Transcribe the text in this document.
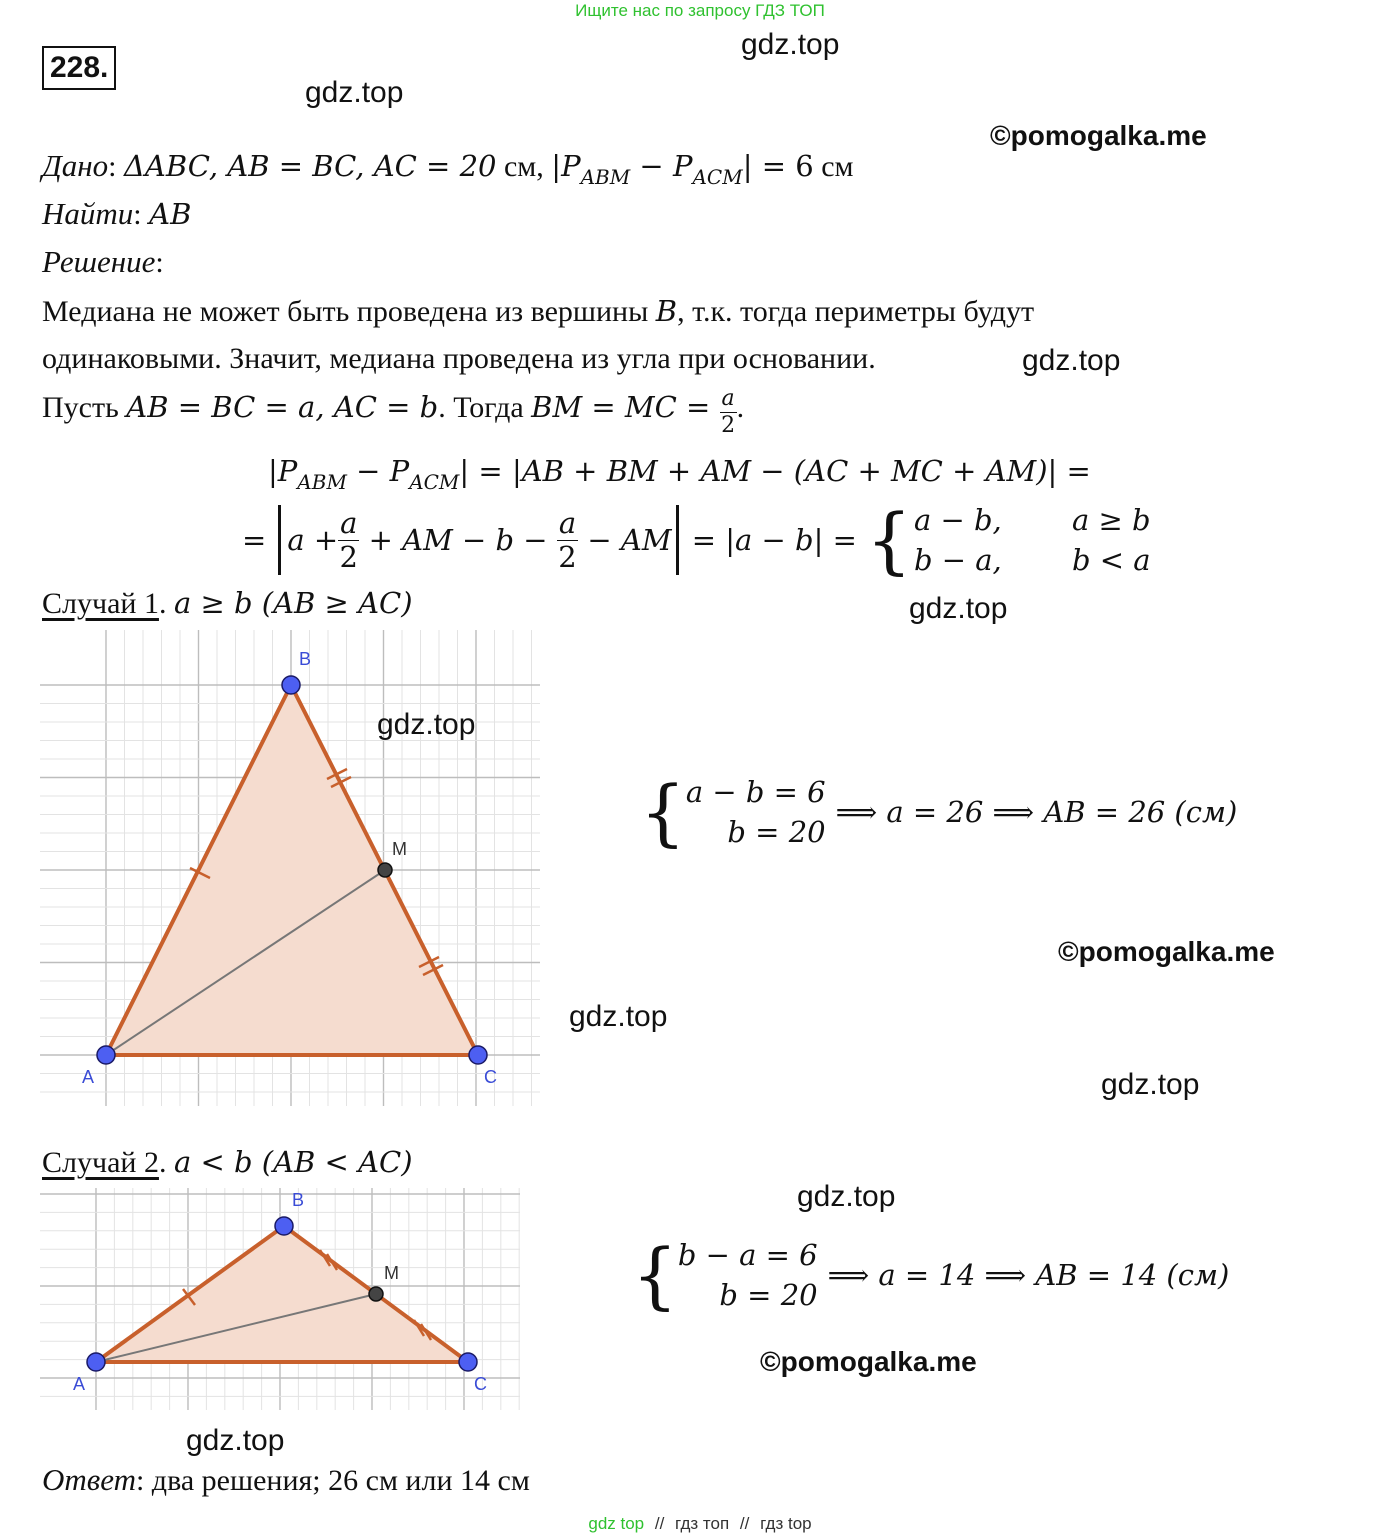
Ищите нас по запросу ГДЗ ТОП
228.
gdz.top
gdz.top
©pomogalka.me
Дано: ΔABC, AB = BC, AC = 20 см, |PABM − PACM| = 6 см
Найти: AB
Решение:
Медиана не может быть проведена из вершины B, т.к. тогда периметры будут
одинаковыми. Значит, медиана проведена из угла при основании.	gdz.top
Пусть AB = BC = a, AC = b. Тогда BM = MC = $\frac{a}{2}$ .
$|P_{ABM} - P_{ACM}| = |AB$ + BM + AM − (AC + MC + AM)| =
= $a + \frac{a}{2}$ + AM − $b - \frac{a}{2}$ − AM = |a − b| = { a − b, a ≥ b
b − a, b < a
Случай 1. a ≥ b (AB ≥ AC)	gdz.top
A
B
C
M
gdz.top
{ a − b = 6
b = 20
⟹ a = 26 ⟹ AB = 26 (см)
©pomogalka.me
gdz.top
gdz.top
Случай 2. a < b (AB < AC)
gdz.top
A
B
C
M	{ b − a = 6
b = 20
⟹ a = 14 ⟹ AB = 14 (см)
©pomogalka.me
gdz.top
Ответ: два решения; 26 см или 14 см
gdz top // гдз топ // гдз top
